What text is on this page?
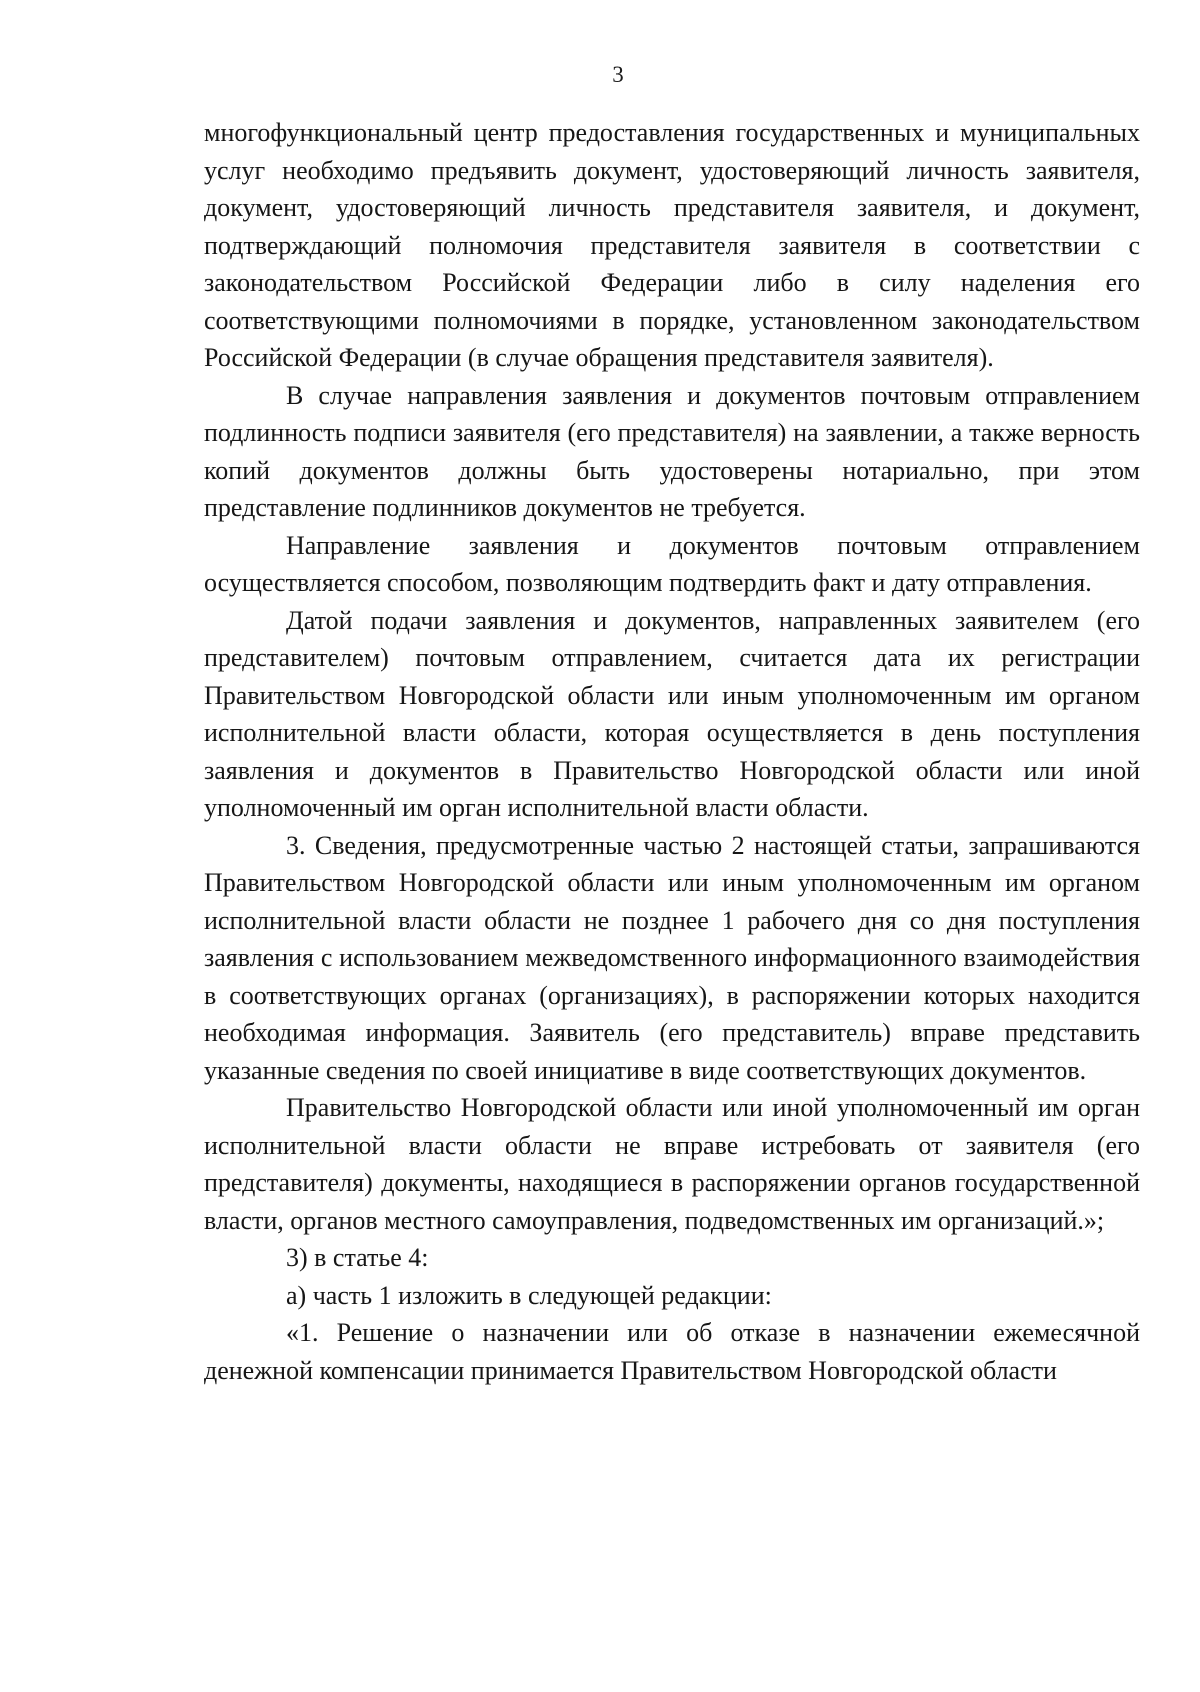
3

многофункциональный центр предоставления государственных и муниципальных услуг необходимо предъявить документ, удостоверяющий личность заявителя, документ, удостоверяющий личность представителя заявителя, и документ, подтверждающий полномочия представителя заявителя в соответствии с законодательством Российской Федерации либо в силу наделения его соответствующими полномочиями в порядке, установленном законодательством Российской Федерации (в случае обращения представителя заявителя).

В случае направления заявления и документов почтовым отправлением подлинность подписи заявителя (его представителя) на заявлении, а также верность копий документов должны быть удостоверены нотариально, при этом представление подлинников документов не требуется.

Направление заявления и документов почтовым отправлением осуществляется способом, позволяющим подтвердить факт и дату отправления.

Датой подачи заявления и документов, направленных заявителем (его представителем) почтовым отправлением, считается дата их регистрации Правительством Новгородской области или иным уполномоченным им органом исполнительной власти области, которая осуществляется в день поступления заявления и документов в Правительство Новгородской области или иной уполномоченный им орган исполнительной власти области.

3. Сведения, предусмотренные частью 2 настоящей статьи, запрашиваются Правительством Новгородской области или иным уполномоченным им органом исполнительной власти области не позднее 1 рабочего дня со дня поступления заявления с использованием межведомственного информационного взаимодействия в соответствующих органах (организациях), в распоряжении которых находится необходимая информация. Заявитель (его представитель) вправе представить указанные сведения по своей инициативе в виде соответствующих документов.

Правительство Новгородской области или иной уполномоченный им орган исполнительной власти области не вправе истребовать от заявителя (его представителя) документы, находящиеся в распоряжении органов государственной власти, органов местного самоуправления, подведомственных им организаций.»;

3) в статье 4:

а) часть 1 изложить в следующей редакции:

«1. Решение о назначении или об отказе в назначении ежемесячной денежной компенсации принимается Правительством Новгородской области
